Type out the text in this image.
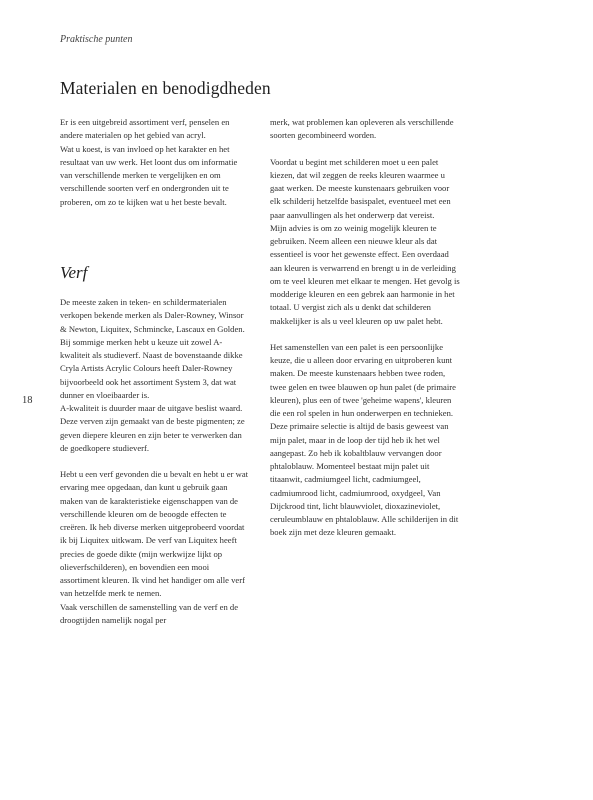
Praktische punten
Materialen en benodigdheden

Er is een uitgebreid assortiment verf, penselen en andere materialen op het gebied van acryl.

Wat u koest, is van invloed op het karakter en het resultaat van uw werk. Het loont dus om informatie van verschillende merken te vergelijken en om verschillende soorten verf en ondergronden uit te proberen, om zo te kijken wat u het beste bevalt.

Verf

De meeste zaken in teken- en schildermaterialen verkopen bekende merken als Daler-Rowney, Winsor & Newton, Liquitex, Schmincke, Lascaux en Golden. Bij sommige merken hebt u keuze uit zowel A-kwaliteit als studieverf. Naast de bovenstaande dikke Cryla Artists Acrylic Colours heeft Daler-Rowney bijvoorbeeld ook het assortiment System 3, dat wat dunner en vloeibaarder is.

A-kwaliteit is duurder maar de uitgave beslist waard. Deze verven zijn gemaakt van de beste pigmenten; ze geven diepere kleuren en zijn beter te verwerken dan de goedkopere studieverf.

Hebt u een verf gevonden die u bevalt en hebt u er wat ervaring mee opgedaan, dan kunt u gebruik gaan maken van de karakteristieke eigenschappen van de verschillende kleuren om de beoogde effecten te creëren. Ik heb diverse merken uitgeprobeerd voordat ik bij Liquitex uitkwam. De verf van Liquitex heeft precies de goede dikte (mijn werkwijze lijkt op olieverfschilderen), en bovendien een mooi assortiment kleuren. Ik vind het handiger om alle verf van hetzelfde merk te nemen.

Vaak verschillen de samenstelling van de verf en de droogtijden namelijk nogal per

merk, wat problemen kan opleveren als verschillende soorten gecombineerd worden.

Voordat u begint met schilderen moet u een palet kiezen, dat wil zeggen de reeks kleuren waarmee u gaat werken. De meeste kunstenaars gebruiken voor elk schilderij hetzelfde basispalet, eventueel met een paar aanvullingen als het onderwerp dat vereist.

Mijn advies is om zo weinig mogelijk kleuren te gebruiken. Neem alleen een nieuwe kleur als dat essentieel is voor het gewenste effect. Een overdaad aan kleuren is verwarrend en brengt u in de verleiding om te veel kleuren met elkaar te mengen. Het gevolg is modderige kleuren en een gebrek aan harmonie in het totaal. U vergist zich als u denkt dat schilderen makkelijker is als u veel kleuren op uw palet hebt.

Het samenstellen van een palet is een persoonlijke keuze, die u alleen door ervaring en uitproberen kunt maken. De meeste kunstenaars hebben twee roden, twee gelen en twee blauwen op hun palet (de primaire kleuren), plus een of twee 'geheime wapens', kleuren die een rol spelen in hun onderwerpen en technieken. Deze primaire selectie is altijd de basis geweest van mijn palet, maar in de loop der tijd heb ik het wel aangepast. Zo heb ik kobaltblauw vervangen door phtaloblauw. Momenteel bestaat mijn palet uit titaanwit, cadmiumgeel licht, cadmiumgeel, cadmiumrood licht, cadmiumrood, oxydgeel, Van Dijckrood tint, licht blauwviolet, dioxazineviolet, ceruleumblauw en phtaloblauw. Alle schilderijen in dit boek zijn met deze kleuren gemaakt.

18
